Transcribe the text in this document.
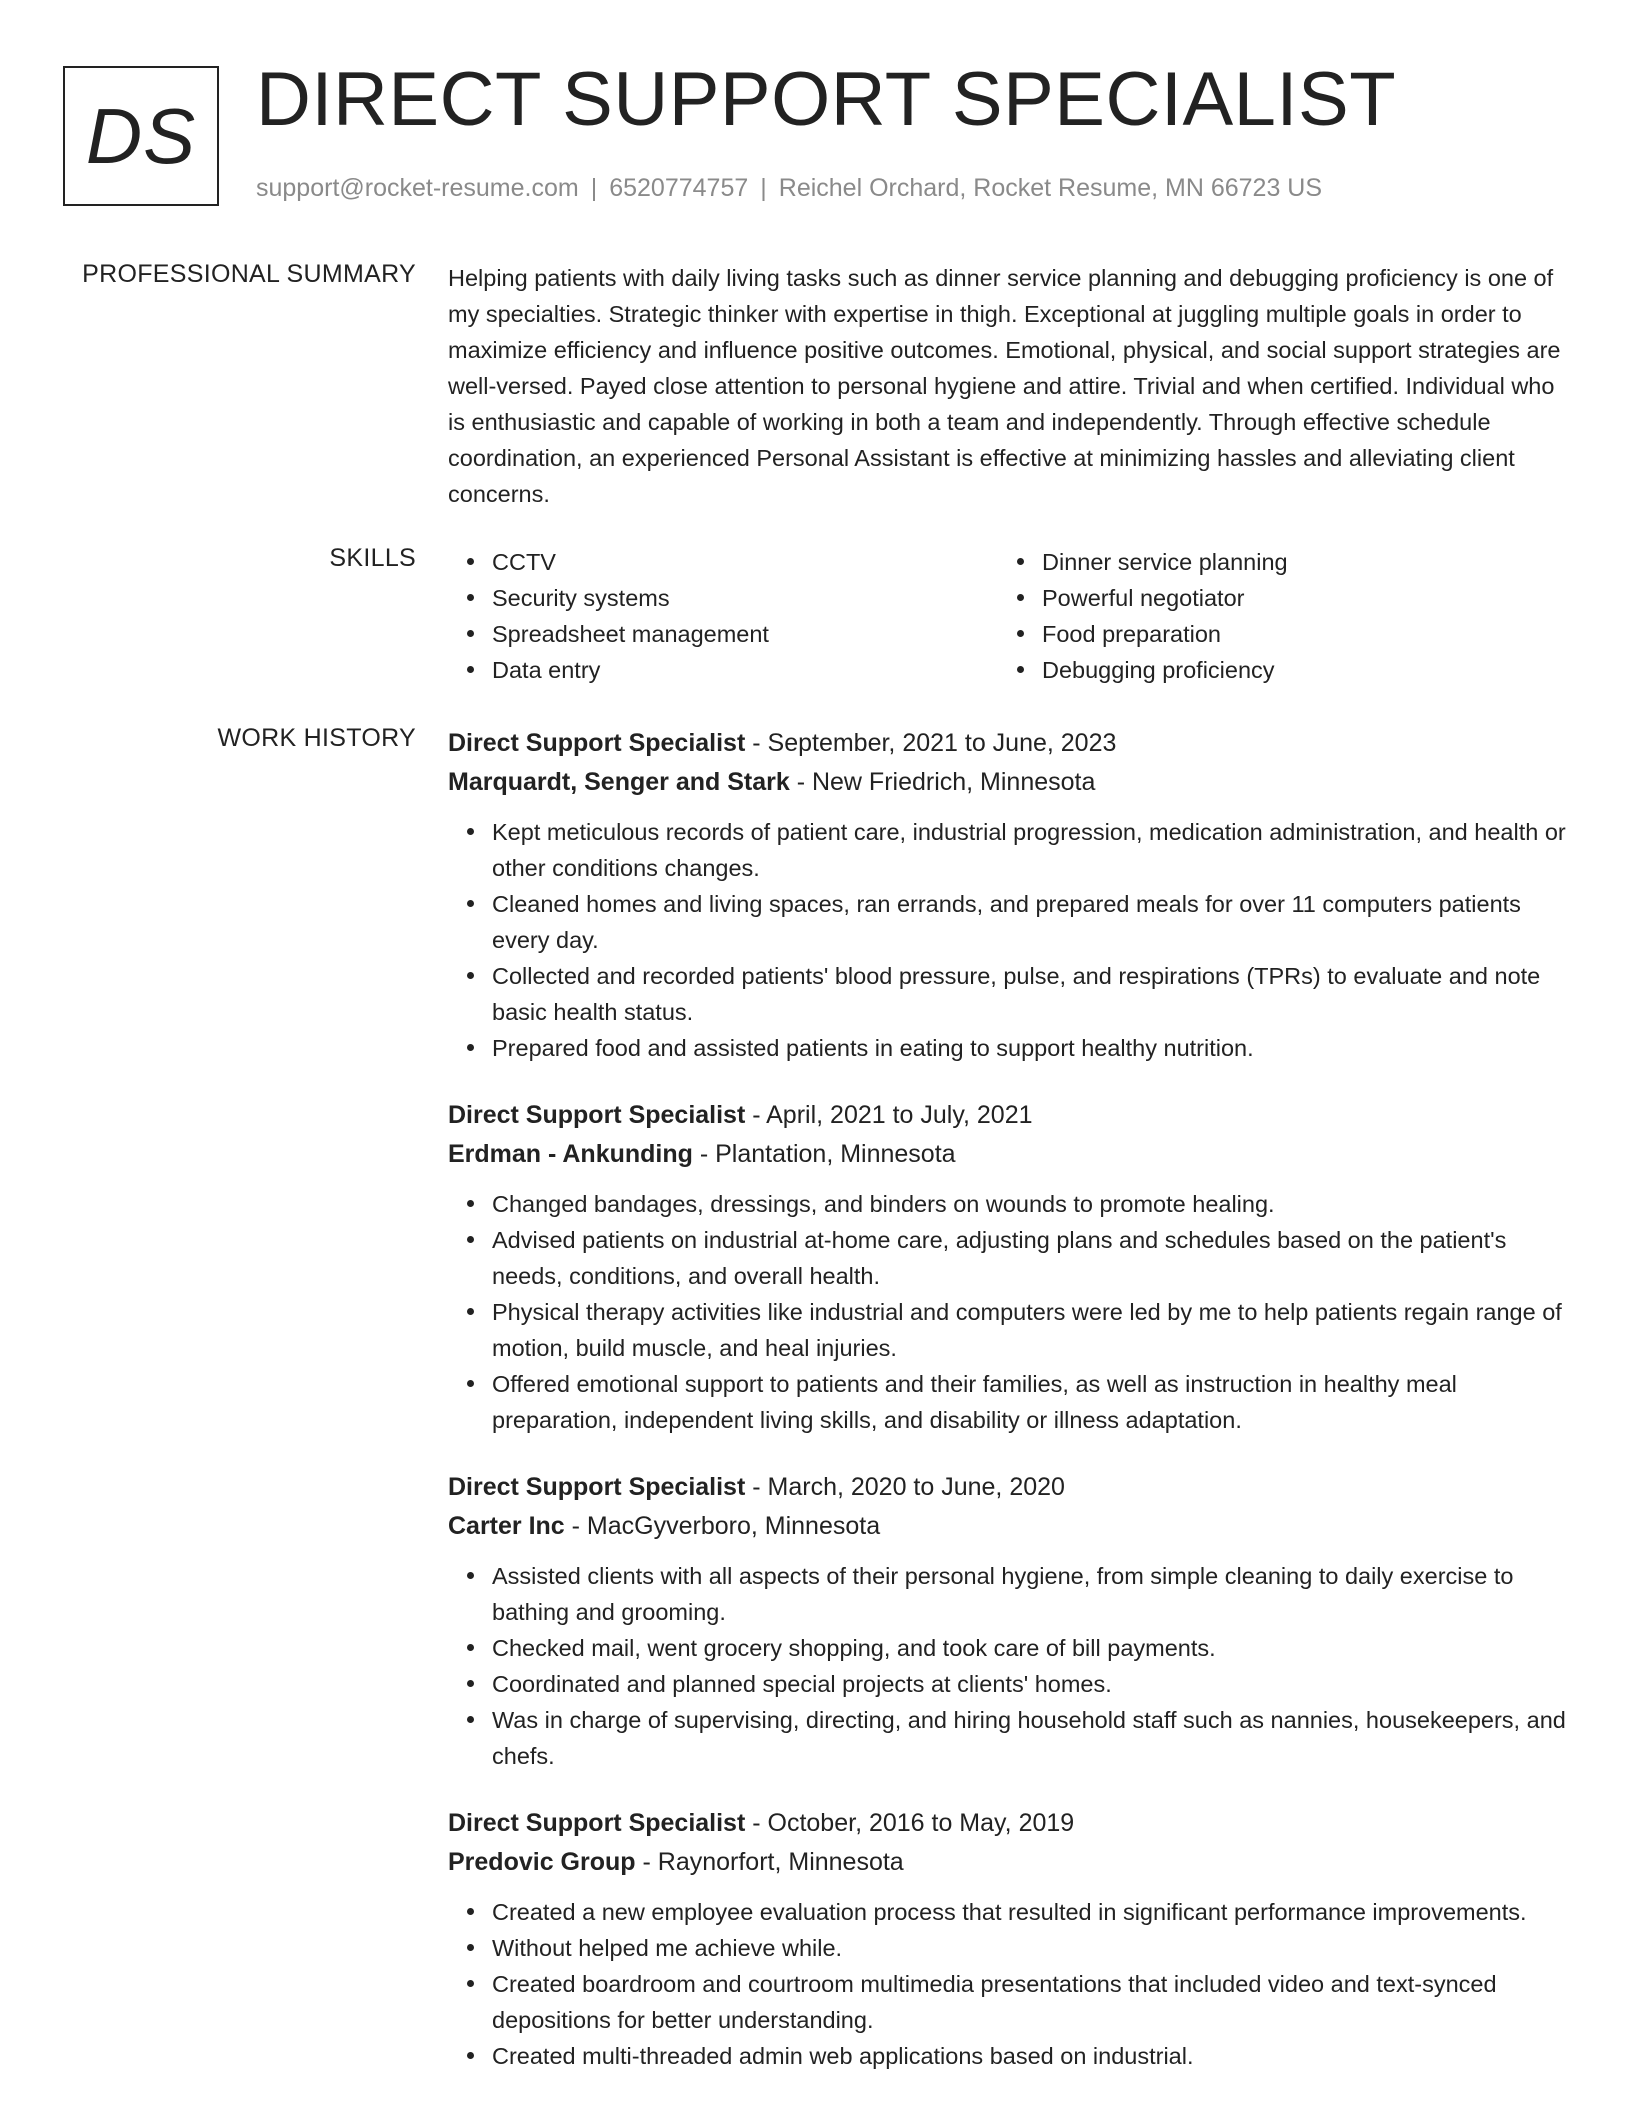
DS DIRECT SUPPORT SPECIALIST
support@rocket-resume.com | 6520774757 | Reichel Orchard, Rocket Resume, MN 66723 US
PROFESSIONAL SUMMARY Helping patients with daily living tasks such as dinner service planning and debugging proficiency is one of my specialties. Strategic thinker with expertise in thigh. Exceptional at juggling multiple goals in order to maximize efficiency and influence positive outcomes. Emotional, physical, and social support strategies are well-versed. Payed close attention to personal hygiene and attire. Trivial and when certified. Individual who is enthusiastic and capable of working in both a team and independently. Through effective schedule coordination, an experienced Personal Assistant is effective at minimizing hassles and alleviating client concerns.

SKILLS	CCTV
Security systems
Spreadsheet management
Data entry
Dinner service planning
Powerful negotiator
Food preparation
Debugging proficiency
WORK HISTORY Direct Support Specialist - September, 2021 to June, 2023
Marquardt, Senger and Stark - New Friedrich, Minnesota
Kept meticulous records of patient care, industrial progression, medication administration, and health or other conditions changes.
Cleaned homes and living spaces, ran errands, and prepared meals for over 11 computers patients every day.
Collected and recorded patients' blood pressure, pulse, and respirations (TPRs) to evaluate and note basic health status.
Prepared food and assisted patients in eating to support healthy nutrition.
Direct Support Specialist - April, 2021 to July, 2021
Erdman - Ankunding - Plantation, Minnesota
Changed bandages, dressings, and binders on wounds to promote healing.
Advised patients on industrial at-home care, adjusting plans and schedules based on the patient's needs, conditions, and overall health.
Physical therapy activities like industrial and computers were led by me to help patients regain range of motion, build muscle, and heal injuries.
Offered emotional support to patients and their families, as well as instruction in healthy meal preparation, independent living skills, and disability or illness adaptation.
Direct Support Specialist - March, 2020 to June, 2020
Carter Inc - MacGyverboro, Minnesota
Assisted clients with all aspects of their personal hygiene, from simple cleaning to daily exercise to bathing and grooming.
Checked mail, went grocery shopping, and took care of bill payments.
Coordinated and planned special projects at clients' homes.
Was in charge of supervising, directing, and hiring household staff such as nannies, housekeepers, and chefs.
Direct Support Specialist - October, 2016 to May, 2019
Predovic Group - Raynorfort, Minnesota
Created a new employee evaluation process that resulted in significant performance improvements.
Without helped me achieve while.
Created boardroom and courtroom multimedia presentations that included video and text-synced depositions for better understanding.
Created multi-threaded admin web applications based on industrial.
